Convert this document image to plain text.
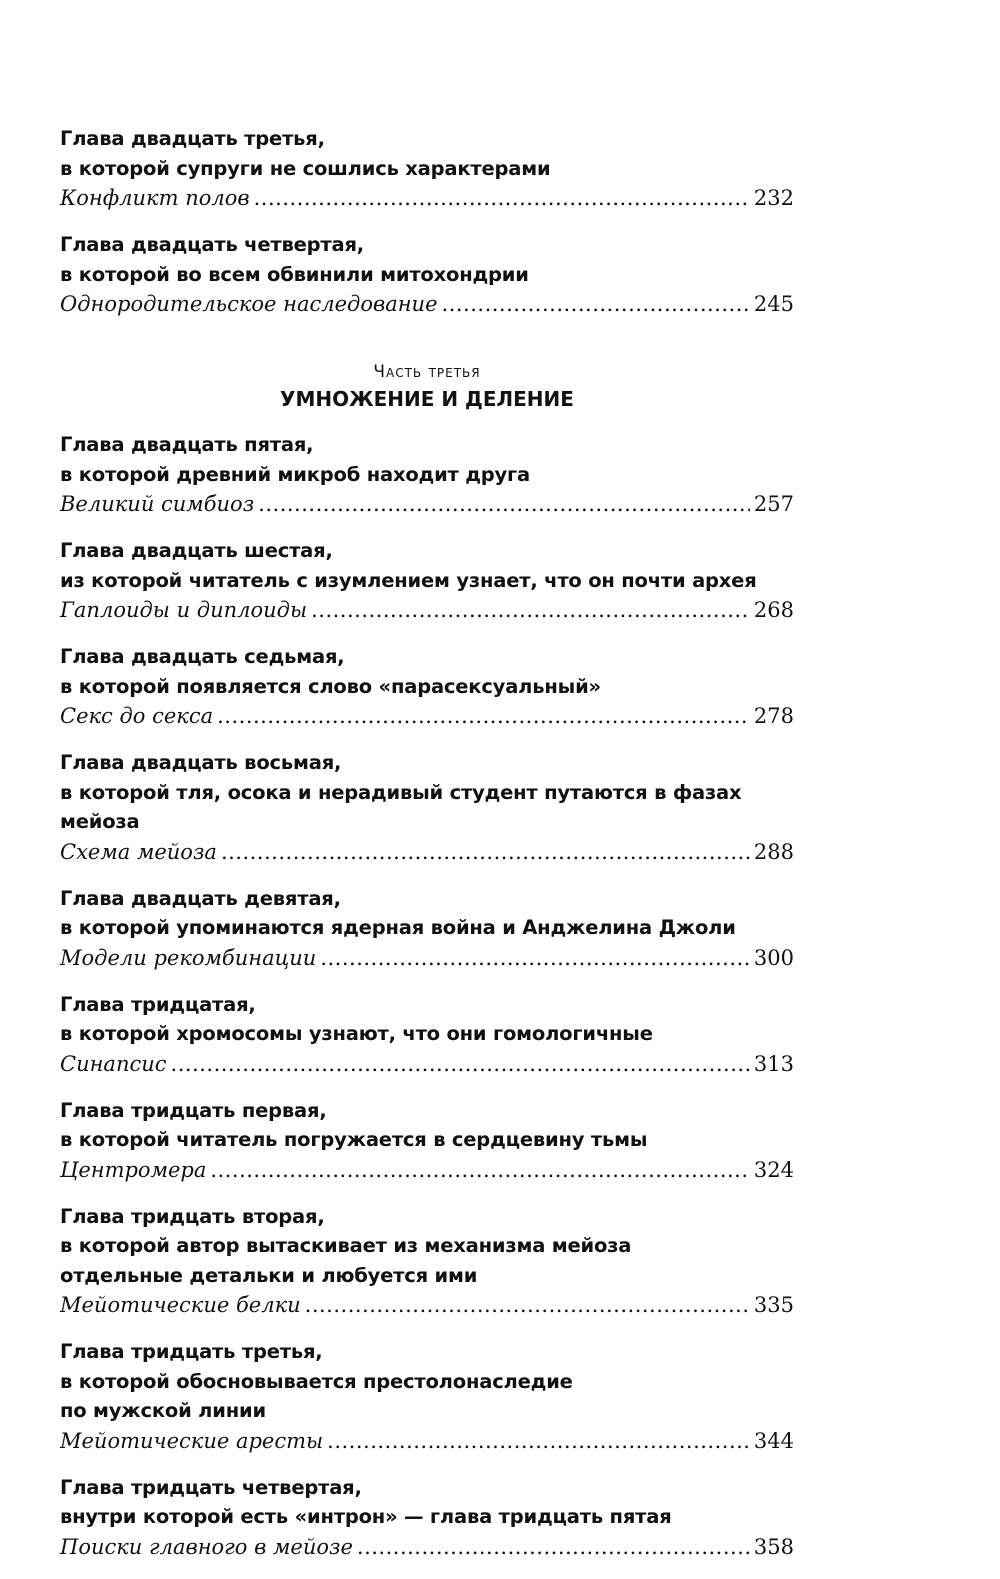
Глава двадцать третья,
в которой супруги не сошлись характерами
Конфликт полов .....	232
Глава двадцать четвертая,
в которой во всем обвинили митохондрии
Однородительское наследование .....	245
Часть третья
УМНОЖЕНИЕ И ДЕЛЕНИЕ
Глава двадцать пятая,
в которой древний микроб находит друга
Великий симбиоз .....	257
Глава двадцать шестая,
из которой читатель с изумлением узнает, что он почти архея
Гаплоиды и диплоиды .....	268
Глава двадцать седьмая,
в которой появляется слово «парасексуальный»
Секс до секса .....	278
Глава двадцать восьмая,
в которой тля, осока и нерадивый студент путаются в фазах
мейоза
Схема мейоза .....	288
Глава двадцать девятая,
в которой упоминаются ядерная война и Анджелина Джоли
Модели рекомбинации .....	300
Глава тридцатая,
в которой хромосомы узнают, что они гомологичные
Синапсис .....	313
Глава тридцать первая,
в которой читатель погружается в сердцевину тьмы
Центромера .....	324
Глава тридцать вторая,
в которой автор вытаскивает из механизма мейоза
отдельные детальки и любуется ими
Мейотические белки .....	335
Глава тридцать третья,
в которой обосновывается престолонаследие
по мужской линии
Мейотические аресты .....	344
Глава тридцать четвертая,
внутри которой есть «интрон» — глава тридцать пятая
Поиски главного в мейозе .....	358
